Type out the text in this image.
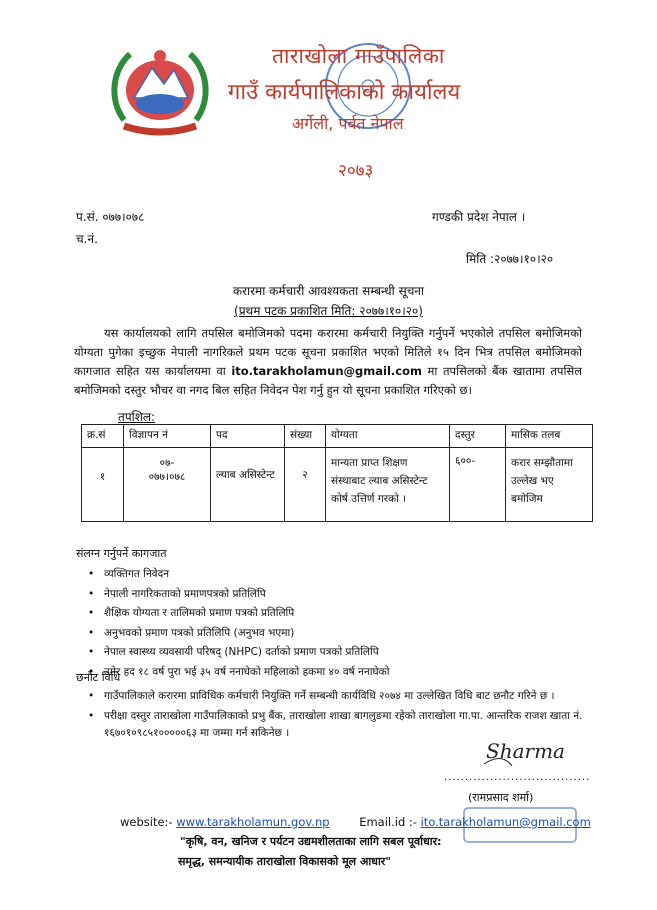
ताराखोला गाउँपालिका
गाउँ कार्यपालिकाको कार्यालय
अर्गेली, पर्वत नेपाल
२०७३
प.सं. ०७७।०७८
च.नं.
गण्डकी प्रदेश नेपाल ।
मिति :२०७७।१०।२०
करारमा कर्मचारी आवश्यकता सम्बन्धी सूचना
(प्रथम पटक प्रकाशित मिति: २०७७।१०।२०)
यस कार्यालयको लागि तपसिल बमोजिमको पदमा करारमा कर्मचारी नियुक्ति गर्नुपर्ने भएकोले तपसिल बमोजिमको योग्यता पुगेका इच्छुक नेपाली नागरिकले प्रथम पटक सूचना प्रकाशित भएको मितिले १५ दिन भित्र तपसिल बमोजिमको कागजात सहित यस कार्यालयमा वा ito.tarakholamun@gmail.com मा तपसिलको बैंक खातामा तपसिल बमोजिमको दस्तुर भौचर वा नगद बिल सहित निवेदन पेश गर्नु हुन यो सूचना प्रकाशित गरिएको छ।
तपशिल:
क्र.सं	विज्ञापन नं	पद	संख्या	योग्यता	दस्तुर	मासिक तलब
१	०७-
०७७।०७८	ल्याब असिस्टेन्ट	२	मान्यता प्राप्त शिक्षण संस्थाबाट ल्याब असिस्टेन्ट कोर्ष उत्तिर्ण गरको ।	६००-	करार सम्झौतामा उल्लेख भए बमोजिम
संलग्न गर्नुपर्ने कागजात
• व्यक्तिगत निवेदन
• नेपाली नागरिकताको प्रमाणपत्रको प्रतिलिपि
• शैक्षिक योग्यता र तालिमको प्रमाण पत्रको प्रतिलिपि
• अनुभवको प्रमाण पत्रको प्रतिलिपि (अनुभव भएमा)
• नेपाल स्वास्थ्य व्यवसायी परिषद् (NHPC) दर्ताको प्रमाण पत्रको प्रतिलिपि
• उमेर हद १८ वर्ष पुरा भई ३५ वर्ष ननाघेको महिलाको हकमा ४० वर्ष ननाघेको
छनौट विधि
• गाउँपालिकाले करारमा प्राविधिक कर्मचारी नियुक्ति गर्ने सम्बन्धी कार्यविधि २०७४ मा उल्लेखित विधि बाट छनौट गरिने छ ।
• परीक्षा दस्तुर ताराखोला गाउँपालिकाको प्रभु बैंक, ताराखोला शाखा बागलुङमा रहेको ताराखोला गा.पा. आन्तरिक राजश खाता नं. १६७०१०९८५१०००००६३ मा जम्मा गर्न सकिनेछ ।
Sharma
...................................
(रामप्रसाद शर्मा)
website:- www.tarakholamun.gov.np	Email.id :- ito.tarakholamun@gmail.com
"कृषि, वन, खनिज र पर्यटन उद्यमशीलताका लागि सबल पूर्वाधार:
समृद्ध, समन्यायीक ताराखोला विकासको मूल आधार"
